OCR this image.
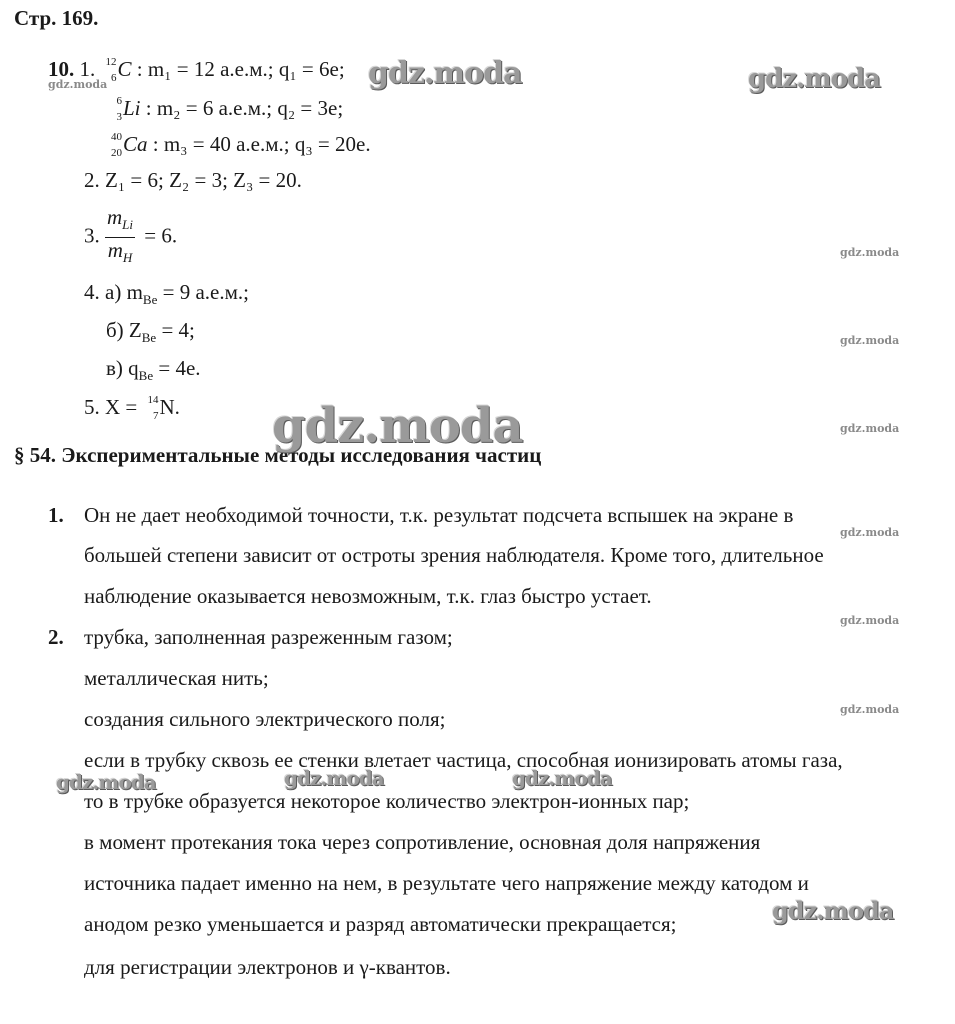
Стр. 169.
10. 1. 12
6 C : m₁ = 12 а.е.м.; q₁ = 6e;
6
3 Li : m₂ = 6 а.е.м.; q₂ = 3e;
40
20 Ca : m₃ = 40 а.е.м.; q₃ = 20e.
2. Z₁ = 6; Z₂ = 3; Z₃ = 20.
3. $\frac{m_{Li}}{m_H} = 6$.
4. а) $m_{Be} = 9$ а.е.м.;
б) $Z_{Be} = 4$;
в) $q_{Be} = 4e$.
5. X = 14
7 N.
§ 54. Экспериментальные методы исследования частиц
1. Он не дает необходимой точности, т.к. результат подсчета вспышек на экране в
большей степени зависит от остроты зрения наблюдателя. Кроме того, длительное
наблюдение оказывается невозможным, т.к. глаз быстро устает.
2. трубка, заполненная разреженным газом;
металлическая нить;
создания сильного электрического поля;
если в трубку сквозь ее стенки влетает частица, способная ионизировать атомы газа,
то в трубке образуется некоторое количество электрон-ионных пар;
в момент протекания тока через сопротивление, основная доля напряжения
источника падает именно на нем, в результате чего напряжение между катодом и
анодом резко уменьшается и разряд автоматически прекращается;
для регистрации электронов и γ-квантов.
gdz.moda	gdz.moda
gdz.moda
gdz.moda
gdz.moda
gdz.moda	gdz.moda
gdz.moda
gdz.moda
gdz.moda
gdz.moda	gdz.moda	gdz.moda
gdz.moda
